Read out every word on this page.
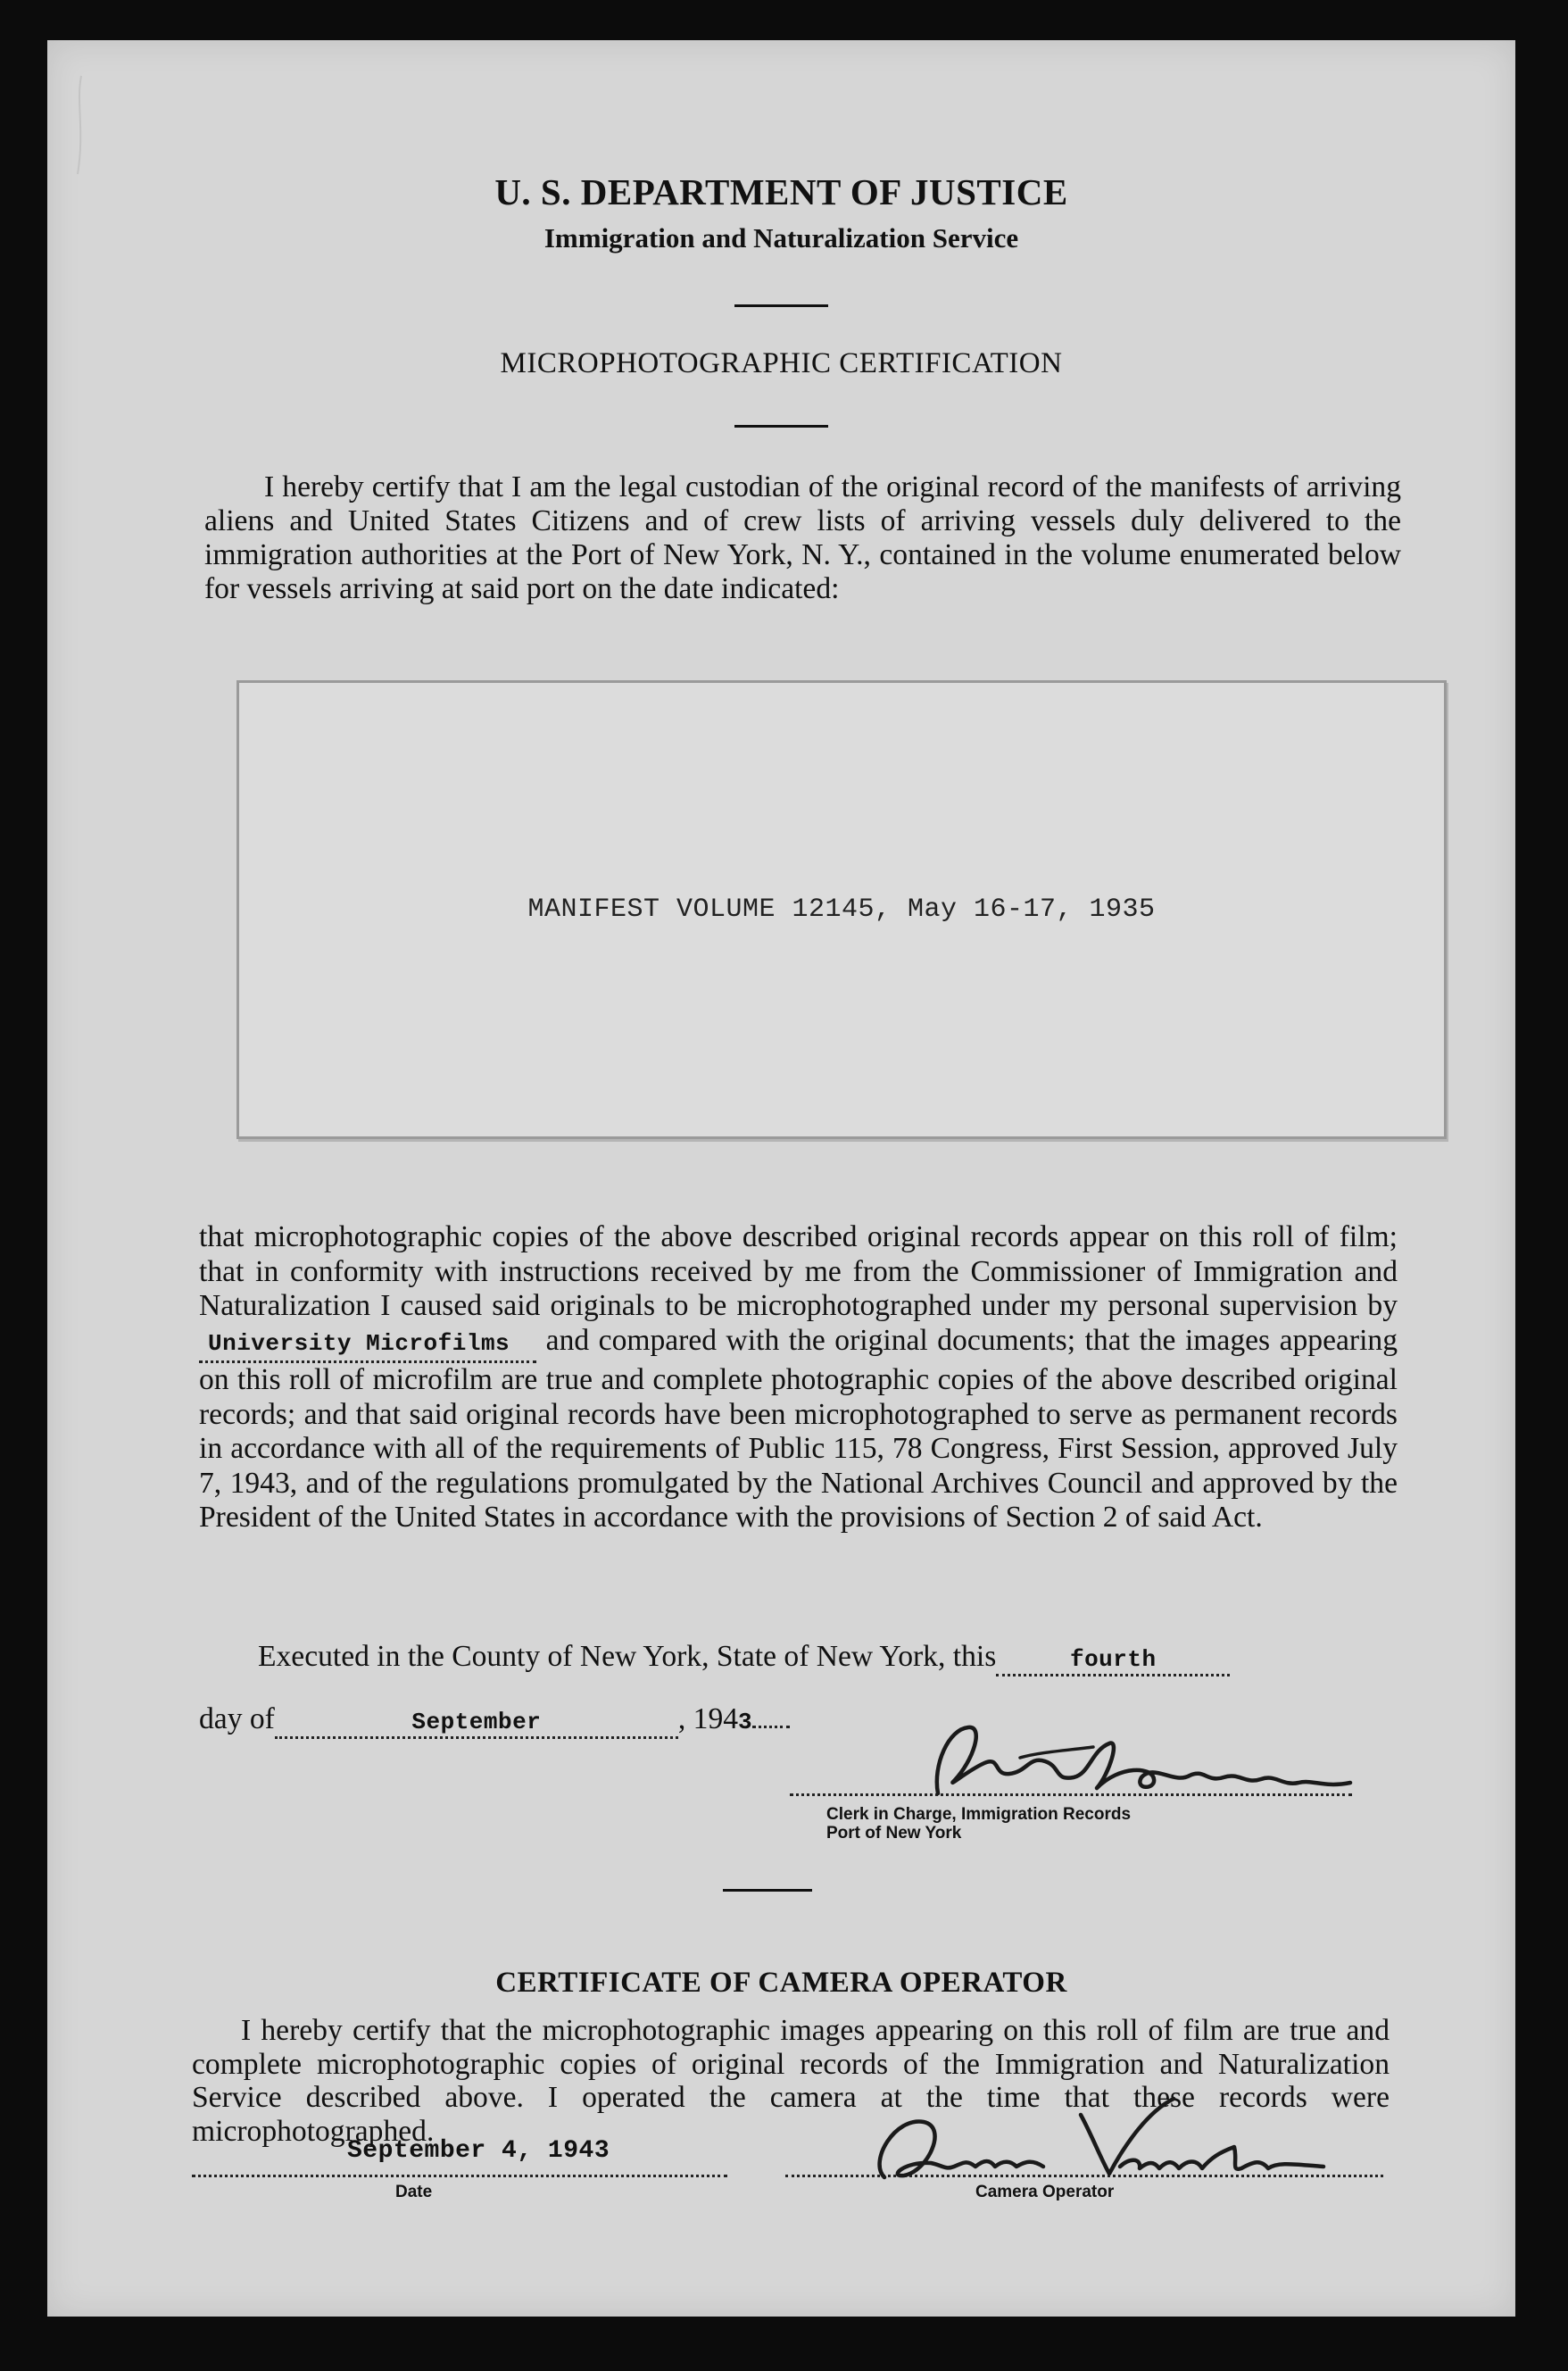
U. S. DEPARTMENT OF JUSTICE
Immigration and Naturalization Service
MICROPHOTOGRAPHIC CERTIFICATION
I hereby certify that I am the legal custodian of the original record of the manifests of arriving aliens and United States Citizens and of crew lists of arriving vessels duly delivered to the immigration authorities at the Port of New York, N. Y., contained in the volume enumerated below for vessels arriving at said port on the date indicated:
MANIFEST VOLUME 12145, May 16-17, 1935
that microphotographic copies of the above described original records appear on this roll of film; that in conformity with instructions received by me from the Commissioner of Immigration and Naturalization I caused said originals to be microphotographed under my personal supervision byUniversity Microfilms and compared with the original documents; that the images appearing on this roll of microfilm are true and complete photographic copies of the above described original records; and that said original records have been microphotographed to serve as permanent records in accordance with all of the requirements of Public 115, 78 Congress, First Session, approved July 7, 1943, and of the regulations promulgated by the National Archives Council and approved by the President of the United States in accordance with the provisions of Section 2 of said Act.
Executed in the County of New York, State of New York, this	fourth
day of	September	, 1943
Clerk in Charge, Immigration Records
Port of New York
CERTIFICATE OF CAMERA OPERATOR
I hereby certify that the microphotographic images appearing on this roll of film are true and complete microphotographic copies of original records of the Immigration and Naturalization Service described above. I operated the camera at the time that these records were microphotographed.
September 4, 1943
Date	Camera Operator
